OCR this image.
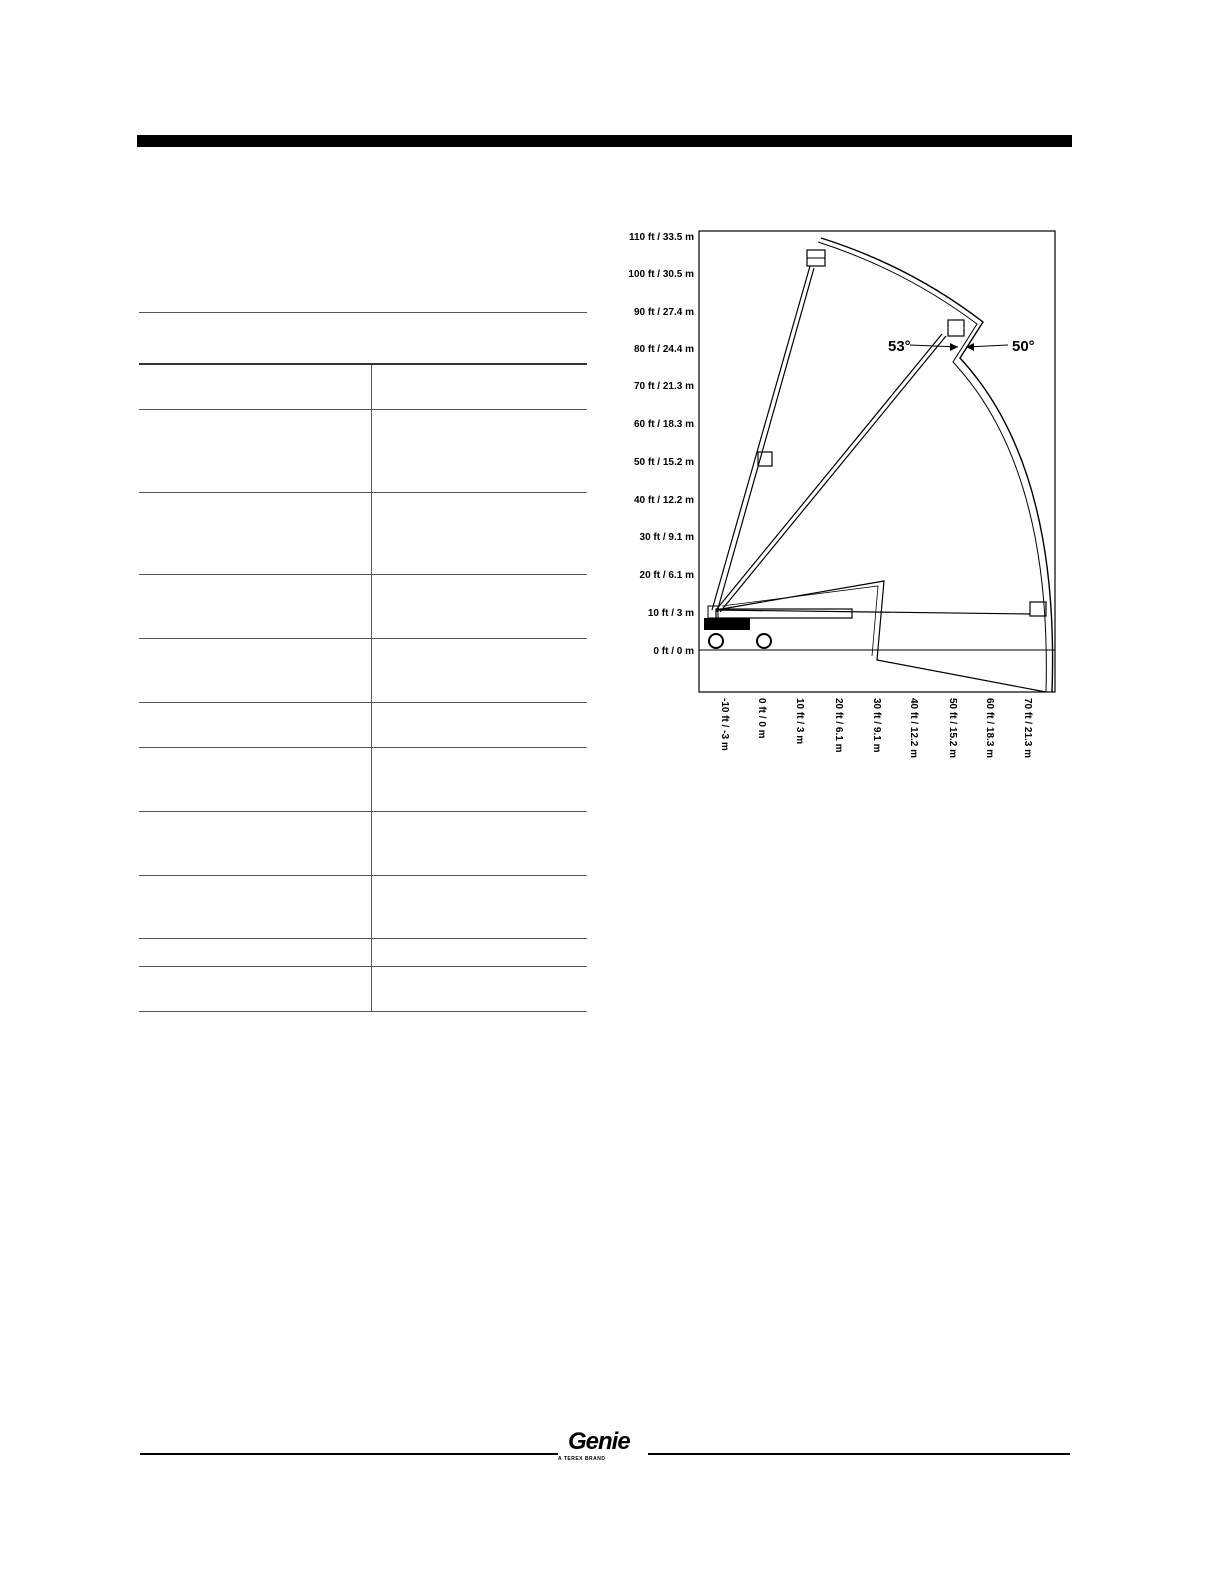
110 ft / 33.5 m
100 ft / 30.5 m
90 ft / 27.4 m
80 ft / 24.4 m
70 ft / 21.3 m
60 ft / 18.3 m
50 ft / 15.2 m
40 ft / 12.2 m
30 ft / 9.1 m
20 ft / 6.1 m
10 ft / 3 m
0 ft / 0 m
-10 ft / -3 m	0 ft / 0 m	10 ft / 3 m	20 ft / 6.1 m	30 ft / 9.1 m	40 ft / 12.2 m	50 ft / 15.2 m	60 ft / 18.3 m	70 ft / 21.3 m
53°	50°
Genie
A TEREX BRAND
